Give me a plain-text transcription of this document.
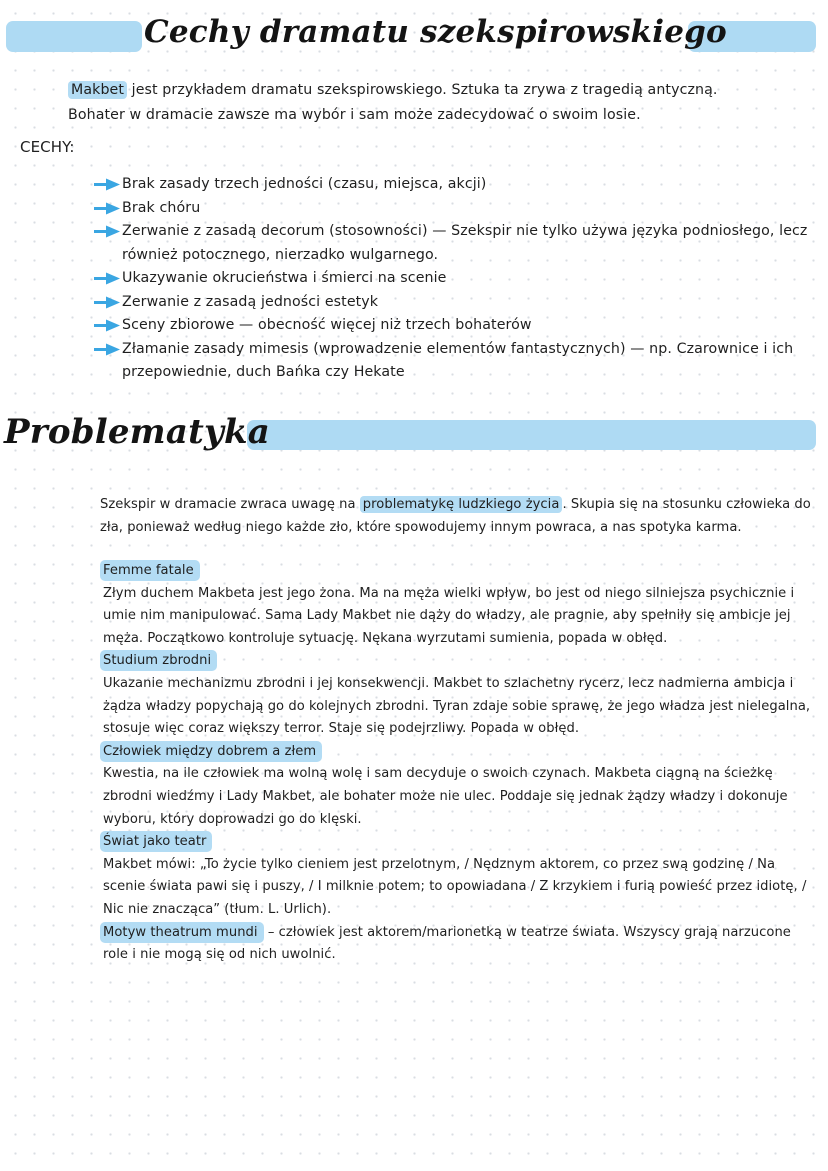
Cechy dramatu szekspirowskiego

Makbet jest przykładem dramatu szekspirowskiego. Sztuka ta zrywa z tragedią antyczną.

Bohater w dramacie zawsze ma wybór i sam może zadecydować o swoim losie.

CECHY:
Brak zasady trzech jedności (czasu, miejsca, akcji)
Brak chóru
Zerwanie z zasadą decorum (stosowności) — Szekspir nie tylko używa języka podniosłego, lecz również potocznego, nierzadko wulgarnego.
Ukazywanie okrucieństwa i śmierci na scenie
Zerwanie z zasadą jedności estetyk
Sceny zbiorowe — obecność więcej niż trzech bohaterów
Złamanie zasady mimesis (wprowadzenie elementów fantastycznych) — np. Czarownice i ich przepowiednie, duch Bańka czy Hekate
Problematyka

Szekspir w dramacie zwraca uwagę na problematykę ludzkiego życia . Skupia się na stosunku człowieka do zła, ponieważ według niego każde zło, które spowodujemy innym powraca, a nas spotyka karma.

Femme fatale

Złym duchem Makbeta jest jego żona. Ma na męża wielki wpływ, bo jest od niego silniejsza psychicznie i umie nim manipulować. Sama Lady Makbet nie dąży do władzy, ale pragnie, aby spełniły się ambicje jej męża. Początkowo kontroluje sytuację. Nękana wyrzutami sumienia, popada w obłęd.

Studium zbrodni

Ukazanie mechanizmu zbrodni i jej konsekwencji. Makbet to szlachetny rycerz, lecz nadmierna ambicja i żądza władzy popychają go do kolejnych zbrodni. Tyran zdaje sobie sprawę, że jego władza jest nielegalna, stosuje więc coraz większy terror. Staje się podejrzliwy. Popada w obłęd.

Człowiek między dobrem a złem

Kwestia, na ile człowiek ma wolną wolę i sam decyduje o swoich czynach. Makbeta ciągną na ścieżkę zbrodni wiedźmy i Lady Makbet, ale bohater może nie ulec. Poddaje się jednak żądzy władzy i dokonuje wyboru, który doprowadzi go do klęski.

Świat jako teatr

Makbet mówi: „To życie tylko cieniem jest przelotnym, / Nędznym aktorem, co przez swą godzinę / Na scenie świata pawi się i puszy, / I milknie potem; to opowiadana / Z krzykiem i furią powieść przez idiotę, / Nic nie znacząca” (tłum. L. Urlich).

Motyw theatrum mundi – człowiek jest aktorem/marionetką w teatrze świata. Wszyscy grają narzucone role i nie mogą się od nich uwolnić.
